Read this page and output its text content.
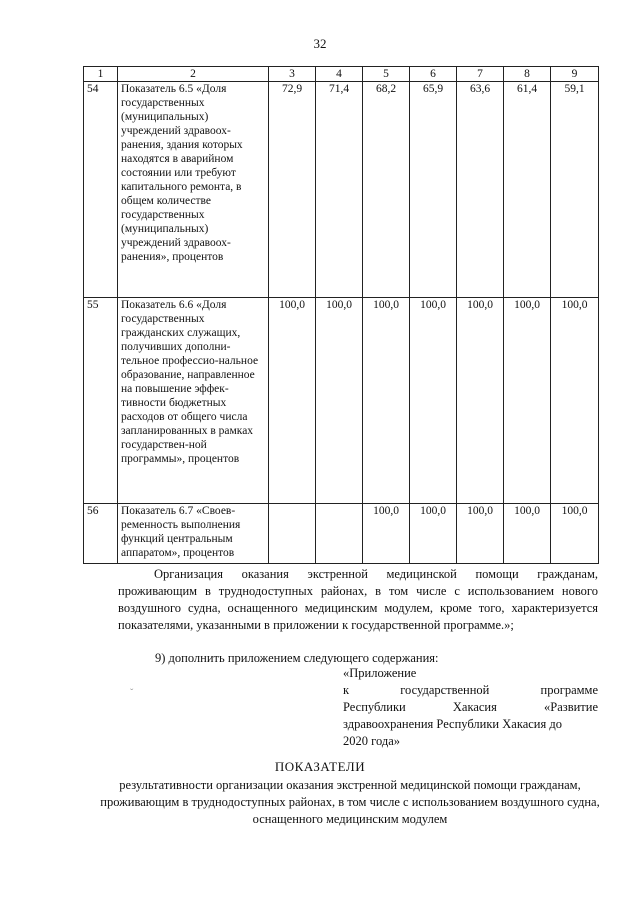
32
1	2	3	4	5	6	7	8	9
54	Показатель 6.5 «Доля государственных (муниципальных) учреждений здравоох-ранения, здания которых находятся в аварийном состоянии или требуют капитального ремонта, в общем количестве государственных (муниципальных) учреждений здравоох-ранения», процентов	72,9	71,4	68,2	65,9	63,6	61,4	59,1
55	Показатель 6.6 «Доля государственных гражданских служащих, получивших дополни-тельное профессио-нальное образование, направленное на повышение эффек-тивности бюджетных расходов от общего числа запланированных в рамках государствен-ной программы», процентов	100,0	100,0	100,0	100,0	100,0	100,0	100,0
56	Показатель 6.7 «Своев-ременность выполнения функций центральным аппаратом», процентов			100,0	100,0	100,0	100,0	100,0
Организация оказания экстренной медицинской помощи гражданам, проживающим в труднодоступных районах, в том числе с использованием нового воздушного судна, оснащенного медицинским модулем, кроме того, характеризуется показателями, указанными в приложении к государственной программе.»;
9) дополнить приложением следующего содержания:
ˇ
«Приложение
к государственной программе
Республики Хакасия «Развитие
здравоохранения Республики Хакасия до
2020 года»
ПОКАЗАТЕЛИ
результативности организации оказания экстренной медицинской помощи гражданам, проживающим в труднодоступных районах, в том числе с использованием воздушного судна, оснащенного медицинским модулем
